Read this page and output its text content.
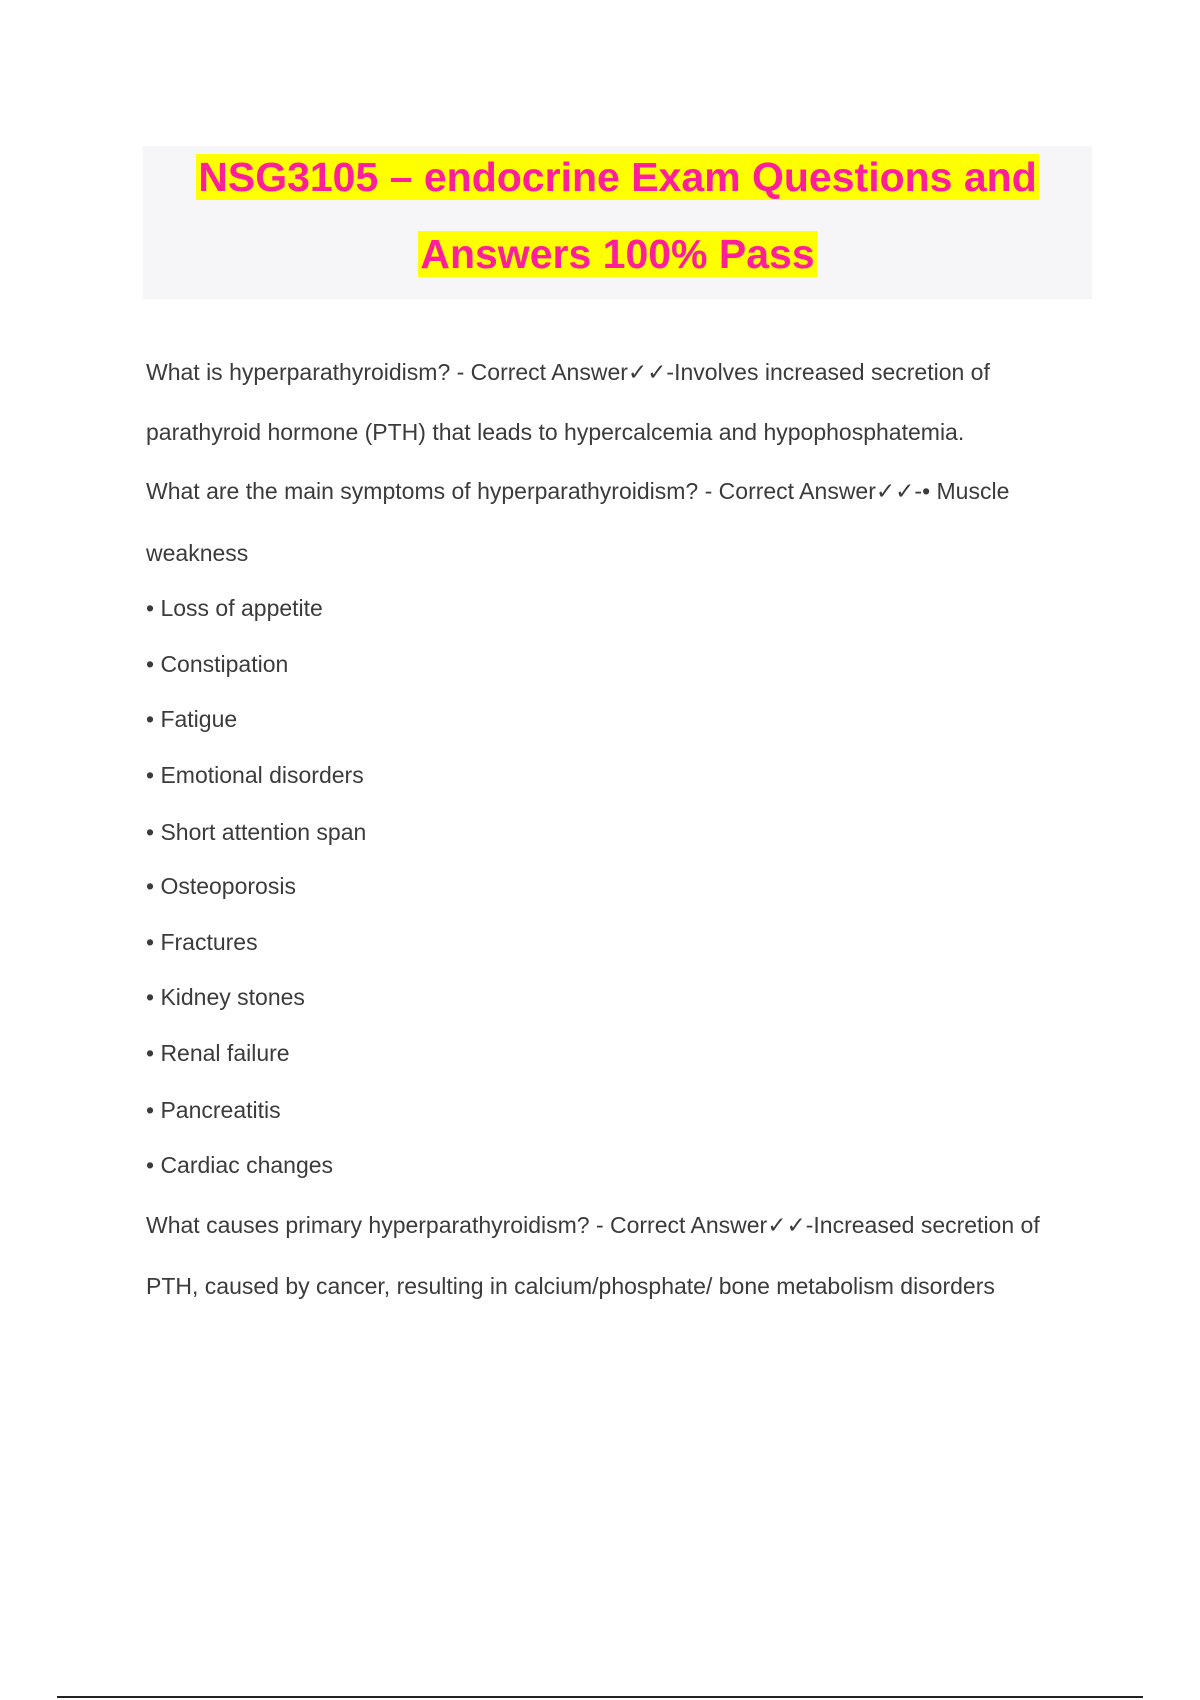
NSG3105 – endocrine Exam Questions and
Answers 100% Pass
What is hyperparathyroidism? - Correct Answer✓✓-Involves increased secretion of
parathyroid hormone (PTH) that leads to hypercalcemia and hypophosphatemia.
What are the main symptoms of hyperparathyroidism? - Correct Answer✓✓-• Muscle
weakness
• Loss of appetite
• Constipation
• Fatigue
• Emotional disorders
• Short attention span
• Osteoporosis
• Fractures
• Kidney stones
• Renal failure
• Pancreatitis
• Cardiac changes
What causes primary hyperparathyroidism? - Correct Answer✓✓-Increased secretion of
PTH, caused by cancer, resulting in calcium/phosphate/ bone metabolism disorders
